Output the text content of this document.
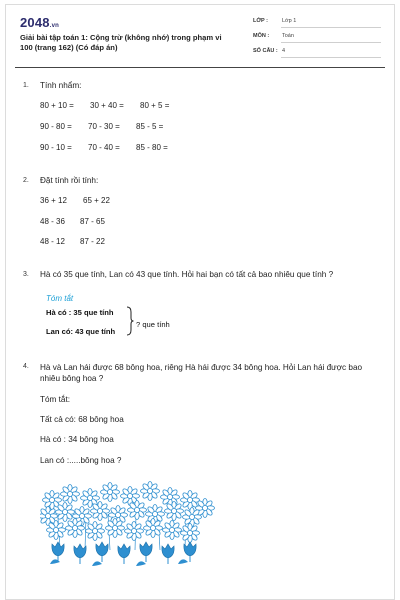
2048.vn
Giải bài tập toán 1: Cộng trừ (không nhớ) trong phạm vi 100 (trang 162) (Có đáp án)
LỚP :	Lớp 1
MÔN : Toán
SỐ CÂU : 4
1. Tính nhẩm:
80 + 10 = 30 + 40 = 80 + 5 =
90 - 80 = 70 - 30 = 85 - 5 =
90 - 10 = 70 - 40 = 85 - 80 =
2. Đặt tính rồi tính:
36 + 12 65 + 22
48 - 36 87 - 65
48 - 12 87 - 22
3. Hà có 35 que tính, Lan có 43 que tính. Hỏi hai bạn có tất cả bao nhiêu que tính ?
Tóm tắt
Hà có : 35 que tính
Lan có: 43 que tính
? que tính
4. Hà và Lan hái được 68 bông hoa, riêng Hà hái được 34 bông hoa. Hỏi Lan hái được bao nhiêu bông hoa ?
Tóm tắt:
Tất cả có: 68 bông hoa
Hà có : 34 bông hoa
Lan có :.....bông hoa ?
